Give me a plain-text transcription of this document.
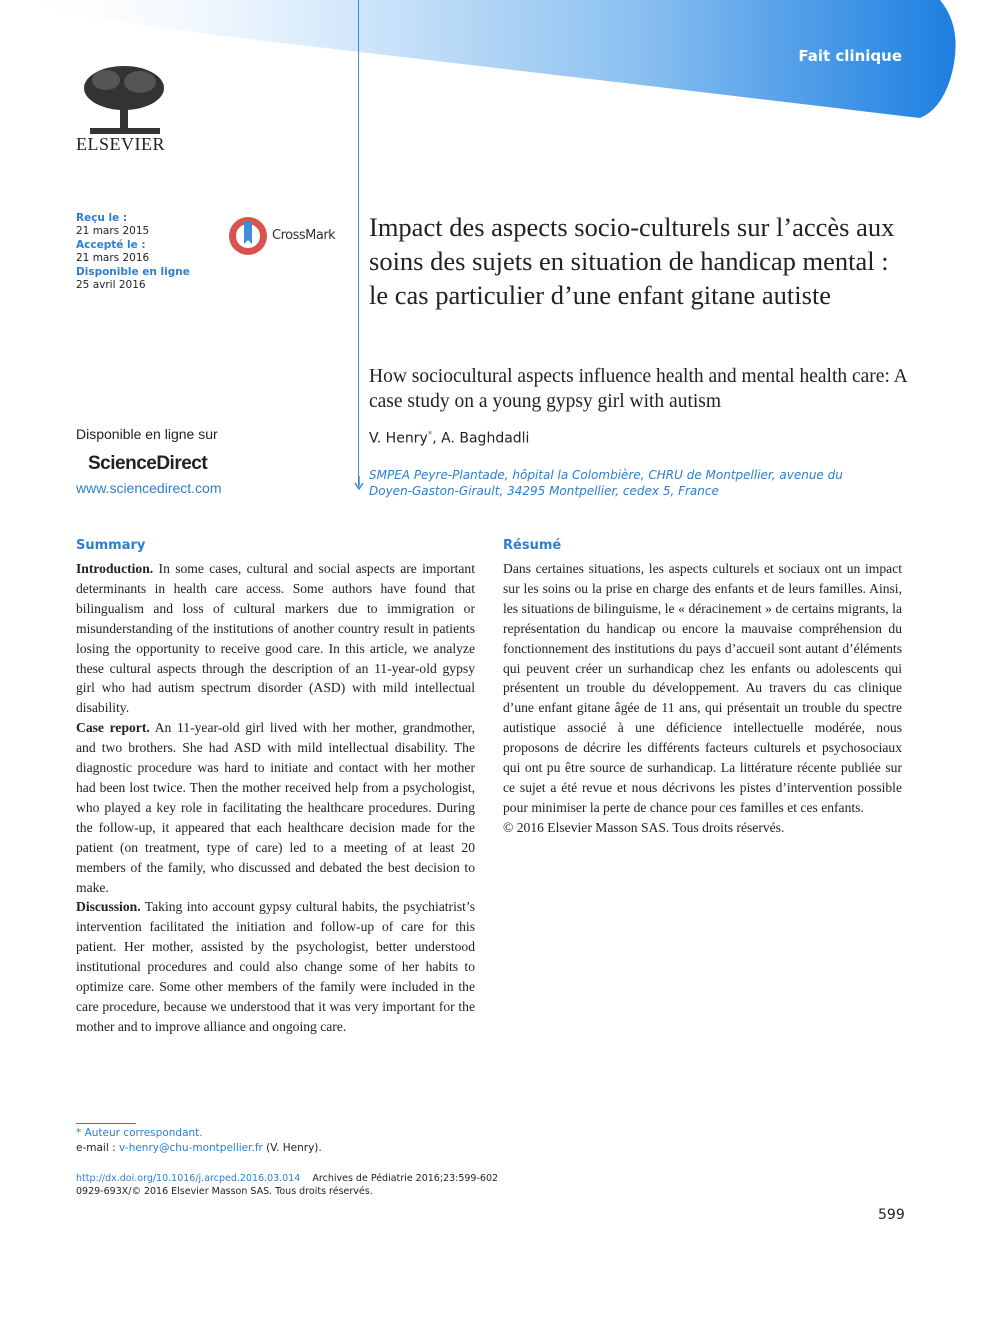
Fait clinique
ELSEVIER
Reçu le :
21 mars 2015
Accepté le :
21 mars 2016
Disponible en ligne
25 avril 2016
CrossMark Impact des aspects socio-culturels sur l’accès aux soins des sujets en situation de handicap mental : le cas particulier d’une enfant gitane autiste
How sociocultural aspects influence health and mental health care: A case study on a young gypsy girl with autism
V. Henry*, A. Baghdadli
SMPEA Peyre-Plantade, hôpital la Colombière, CHRU de Montpellier, avenue du Doyen-Gaston-Girault, 34295 Montpellier, cedex 5, France
Disponible en ligne sur
ScienceDirect
www.sciencedirect.com
Summary

Introduction. In some cases, cultural and social aspects are important determinants in health care access. Some authors have found that bilingualism and loss of cultural markers due to immigration or misunderstanding of the institutions of another country result in patients losing the opportunity to receive good care. In this article, we analyze these cultural aspects through the description of an 11-year-old gypsy girl who had autism spectrum disorder (ASD) with mild intellectual disability.

Case report. An 11-year-old girl lived with her mother, grandmother, and two brothers. She had ASD with mild intellectual disability. The diagnostic procedure was hard to initiate and contact with her mother had been lost twice. Then the mother received help from a psychologist, who played a key role in facilitating the healthcare procedures. During the follow-up, it appeared that each healthcare decision made for the patient (on treatment, type of care) led to a meeting of at least 20 members of the family, who discussed and debated the best decision to make.

Discussion. Taking into account gypsy cultural habits, the psychiatrist’s intervention facilitated the initiation and follow-up of care for this patient. Her mother, assisted by the psychologist, better understood institutional procedures and could also change some of her habits to optimize care. Some other members of the family were included in the care procedure, because we understood that it was very important for the mother and to improve alliance and ongoing care.

Résumé

Dans certaines situations, les aspects culturels et sociaux ont un impact sur les soins ou la prise en charge des enfants et de leurs familles. Ainsi, les situations de bilinguisme, le « déracinement » de certains migrants, la représentation du handicap ou encore la mauvaise compréhension du fonctionnement des institutions du pays d’accueil sont autant d’éléments qui peuvent créer un surhandicap chez les enfants ou adolescents qui présentent un trouble du développement. Au travers du cas clinique d’une enfant gitane âgée de 11 ans, qui présentait un trouble du spectre autistique associé à une déficience intellectuelle modérée, nous proposons de décrire les différents facteurs culturels et psychosociaux qui ont pu être source de surhandicap. La littérature récente publiée sur ce sujet a été revue et nous décrivons les pistes d’intervention possible pour minimiser la perte de chance pour ces familles et ces enfants.

© 2016 Elsevier Masson SAS. Tous droits réservés.

* Auteur correspondant.
e-mail : v-henry@chu-montpellier.fr (V. Henry).
http://dx.doi.org/10.1016/j.arcped.2016.03.014 Archives de Pédiatrie 2016;23:599-602
0929-693X/© 2016 Elsevier Masson SAS. Tous droits réservés.
599
